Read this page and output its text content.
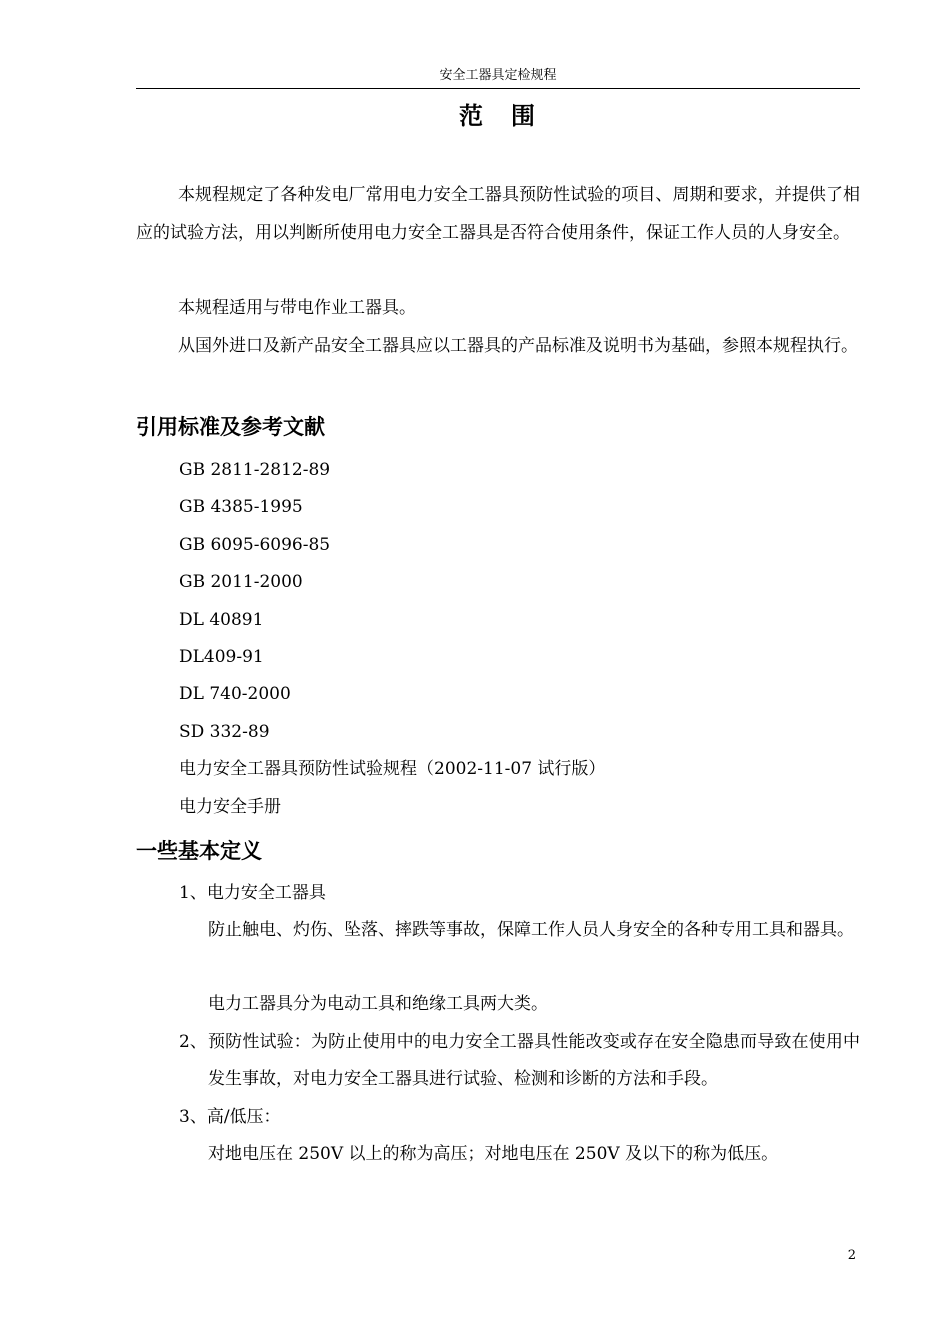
安全工器具定检规程
范　围

本规程规定了各种发电厂常用电力安全工器具预防性试验的项目、周期和要求，并提供了相应的试验方法，用以判断所使用电力安全工器具是否符合使用条件，保证工作人员的人身安全。

本规程适用与带电作业工器具。

从国外进口及新产品安全工器具应以工器具的产品标准及说明书为基础，参照本规程执行。

引用标准及参考文献
GB 2811-2812-89
GB 4385-1995
GB 6095-6096-85
GB 2011-2000
DL 40891
DL409-91
DL 740-2000
SD 332-89
电力安全工器具预防性试验规程（2002-11-07 试行版）
电力安全手册
一些基本定义

1、电力安全工器具

防止触电、灼伤、坠落、摔跌等事故，保障工作人员人身安全的各种专用工具和器具。

电力工器具分为电动工具和绝缘工具两大类。

2、 预防性试验：为防止使用中的电力安全工器具性能改变或存在安全隐患而导致在使用中发生事故，对电力安全工器具进行试验、检测和诊断的方法和手段。

3、高/低压：

对地电压在 250V 以上的称为高压；对地电压在 250V 及以下的称为低压。

2
